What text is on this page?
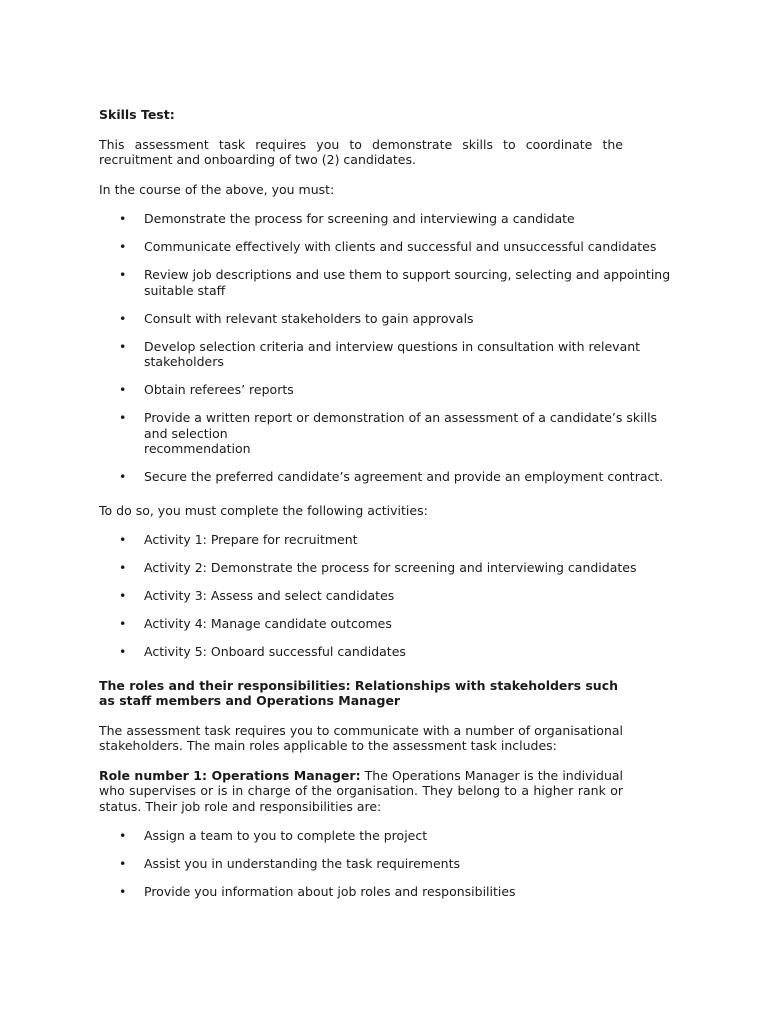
Skills Test:
This assessment task requires you to demonstrate skills to coordinate the recruitment and onboarding of two (2) candidates.
In the course of the above, you must:
• Demonstrate the process for screening and interviewing a candidate
• Communicate effectively with clients and successful and unsuccessful candidates
• Review job descriptions and use them to support sourcing, selecting and appointing suitable staff
• Consult with relevant stakeholders to gain approvals
• Develop selection criteria and interview questions in consultation with relevant stakeholders
• Obtain referees’ reports
• Provide a written report or demonstration of an assessment of a candidate’s skills and selection
recommendation
• Secure the preferred candidate’s agreement and provide an employment contract.
To do so, you must complete the following activities:
• Activity 1: Prepare for recruitment
• Activity 2: Demonstrate the process for screening and interviewing candidates
• Activity 3: Assess and select candidates
• Activity 4: Manage candidate outcomes
• Activity 5: Onboard successful candidates
The roles and their responsibilities: Relationships with stakeholders such as staff members and Operations Manager
The assessment task requires you to communicate with a number of organisational stakeholders. The main roles applicable to the assessment task includes:
Role number 1: Operations Manager: The Operations Manager is the individual who supervises or is in charge of the organisation. They belong to a higher rank or status. Their job role and responsibilities are:
• Assign a team to you to complete the project
• Assist you in understanding the task requirements
• Provide you information about job roles and responsibilities
